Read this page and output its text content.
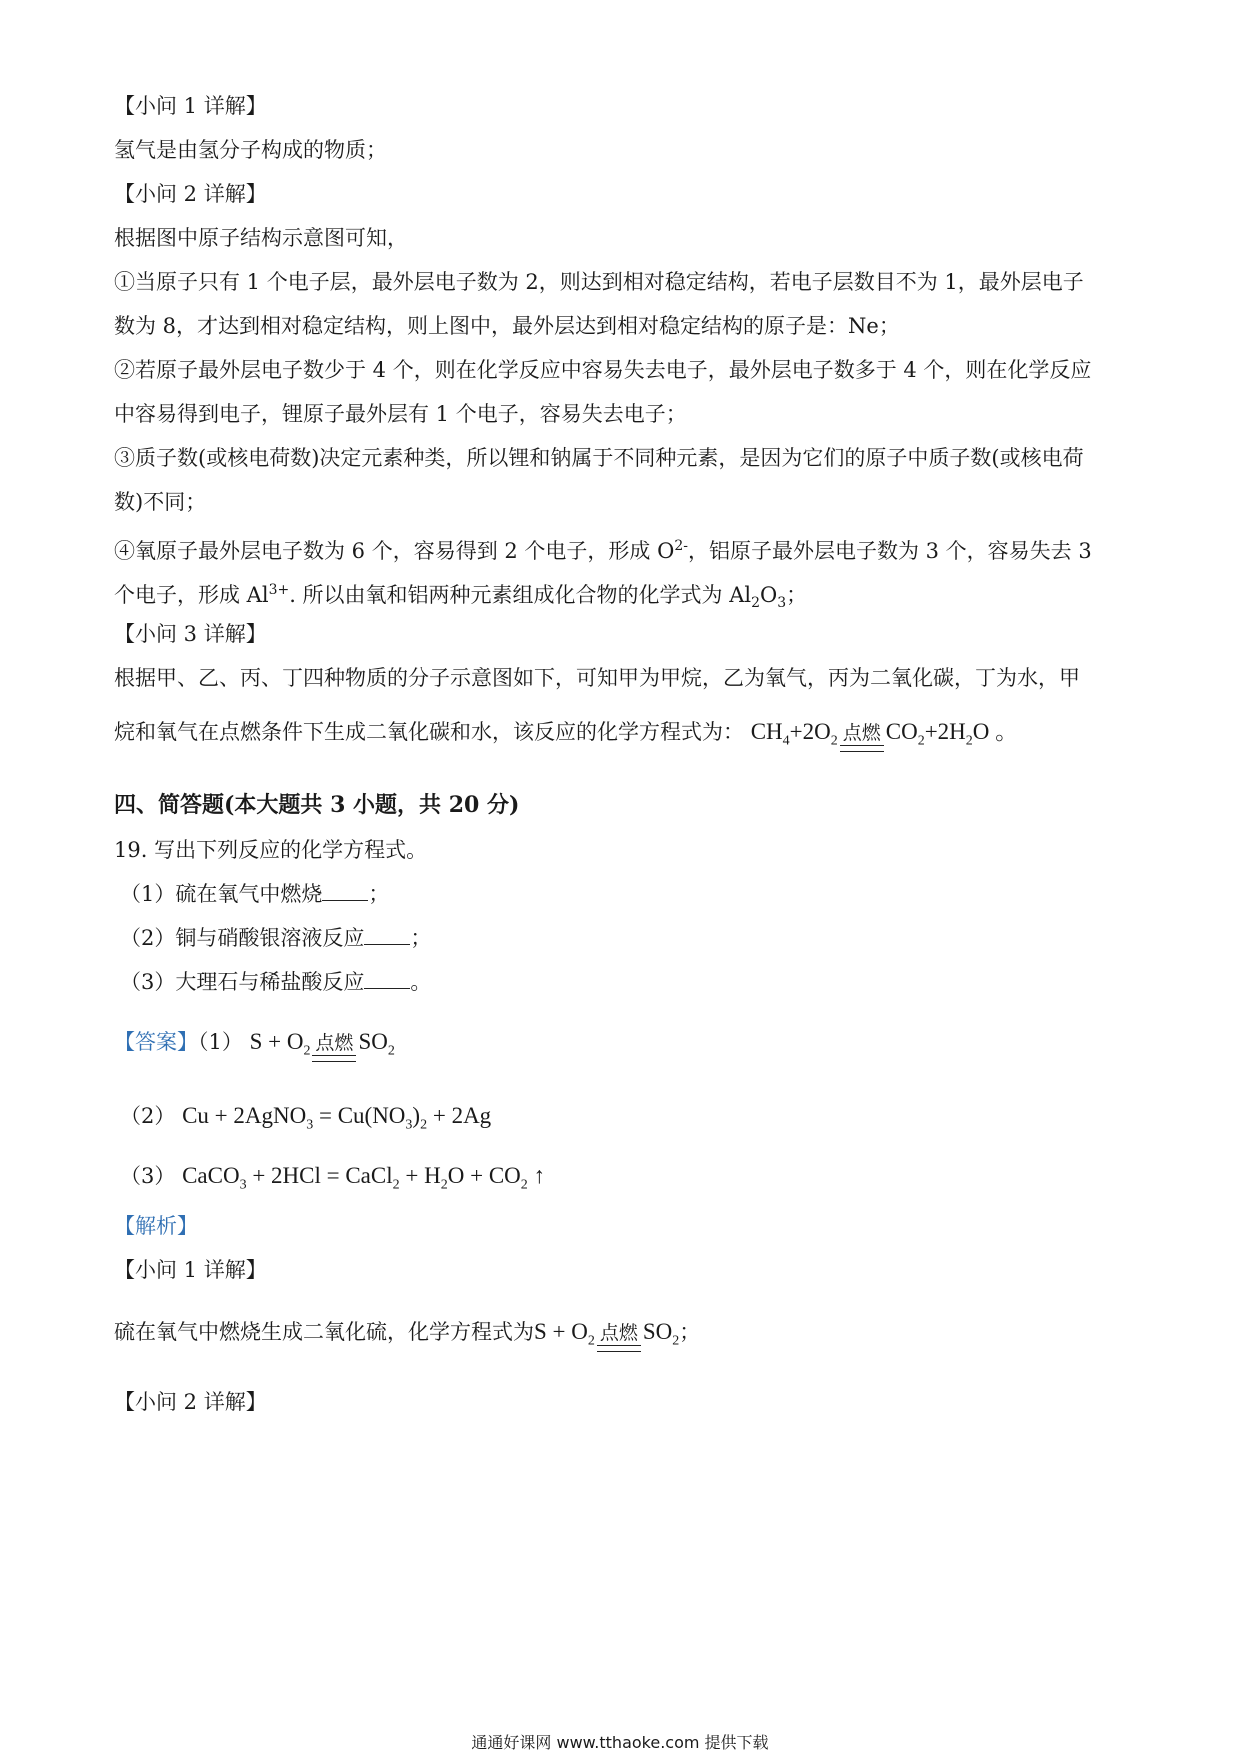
【小问 1 详解】
氢气是由氢分子构成的物质；
【小问 2 详解】
根据图中原子结构示意图可知，
①当原子只有 1 个电子层，最外层电子数为 2，则达到相对稳定结构，若电子层数目不为 1，最外层电子
数为 8，才达到相对稳定结构，则上图中，最外层达到相对稳定结构的原子是：Ne；
②若原子最外层电子数少于 4 个，则在化学反应中容易失去电子，最外层电子数多于 4 个，则在化学反应
中容易得到电子，锂原子最外层有 1 个电子，容易失去电子；
③质子数(或核电荷数)决定元素种类，所以锂和钠属于不同种元素，是因为它们的原子中质子数(或核电荷
数)不同；
④氧原子最外层电子数为 6 个，容易得到 2 个电子，形成 $O^{2-}$，铝原子最外层电子数为 3 个，容易失去 3
个电子，形成 $Al^{3+}$. 所以由氧和铝两种元素组成化合物的化学式为 $Al_2O_3$；
【小问 3 详解】
根据甲、乙、丙、丁四种物质的分子示意图如下，可知甲为甲烷，乙为氧气，丙为二氧化碳，丁为水，甲
烷和氧气在点燃条件下生成二氧化碳和水，该反应的化学方程式为： $CH_4+2O_2$ 点燃 $CO_2+2H_2O$ 。
四、简答题(本大题共 3 小题，共 20 分)
19. 写出下列反应的化学方程式。
（1）硫在氧气中燃烧 ；
（2）铜与硝酸银溶液反应 ；
（3）大理石与稀盐酸反应 。
【答案】（1） $S + O_2$ 点燃 $SO_2$
（2） Cu + 2AgNO$_3$ = $Cu(NO_3)_2 + 2Ag$
（3） CaCO$_3$ + 2HCl = CaCl$_2$ + $H_2O + CO_2$ ↑
【解析】
【小问 1 详解】
硫在氧气中燃烧生成二氧化硫，化学方程式为$S + O_2$ 点燃 $SO_2$；
【小问 2 详解】
通通好课网 www.tthaoke.com 提供下载
